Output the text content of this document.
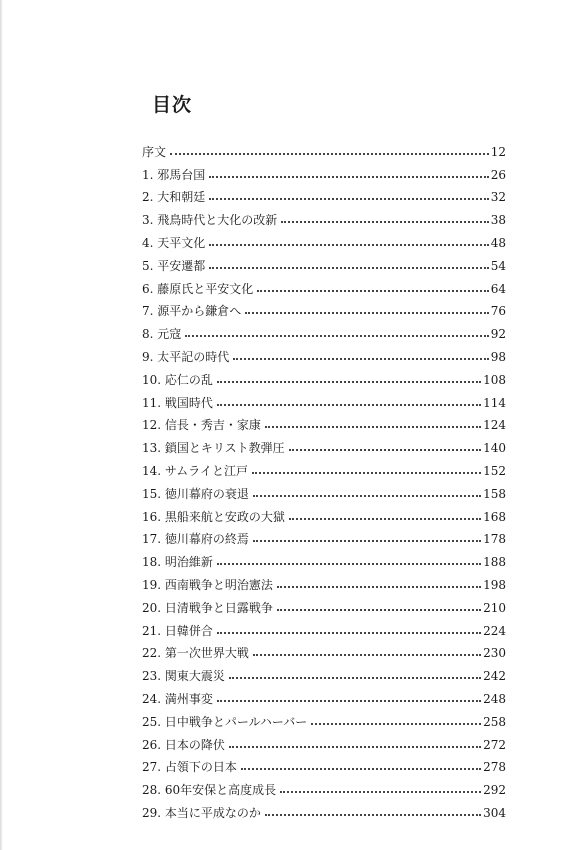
目次
序文	12
1. 邪馬台国	26
2. 大和朝廷	32
3. 飛鳥時代と大化の改新	38
4. 天平文化	48
5. 平安遷都	54
6. 藤原氏と平安文化	64
7. 源平から鎌倉へ	76
8. 元寇	92
9. 太平記の時代	98
10. 応仁の乱	108
11. 戦国時代	114
12. 信長・秀吉・家康	124
13. 鎖国とキリスト教弾圧	140
14. サムライと江戸	152
15. 徳川幕府の衰退	158
16. 黒船来航と安政の大獄	168
17. 徳川幕府の終焉	178
18. 明治維新	188
19. 西南戦争と明治憲法	198
20. 日清戦争と日露戦争	210
21. 日韓併合	224
22. 第一次世界大戦	230
23. 関東大震災	242
24. 満州事変	248
25. 日中戦争とパールハーバー	258
26. 日本の降伏	272
27. 占領下の日本	278
28. 60年安保と高度成長	292
29. 本当に平成なのか	304
